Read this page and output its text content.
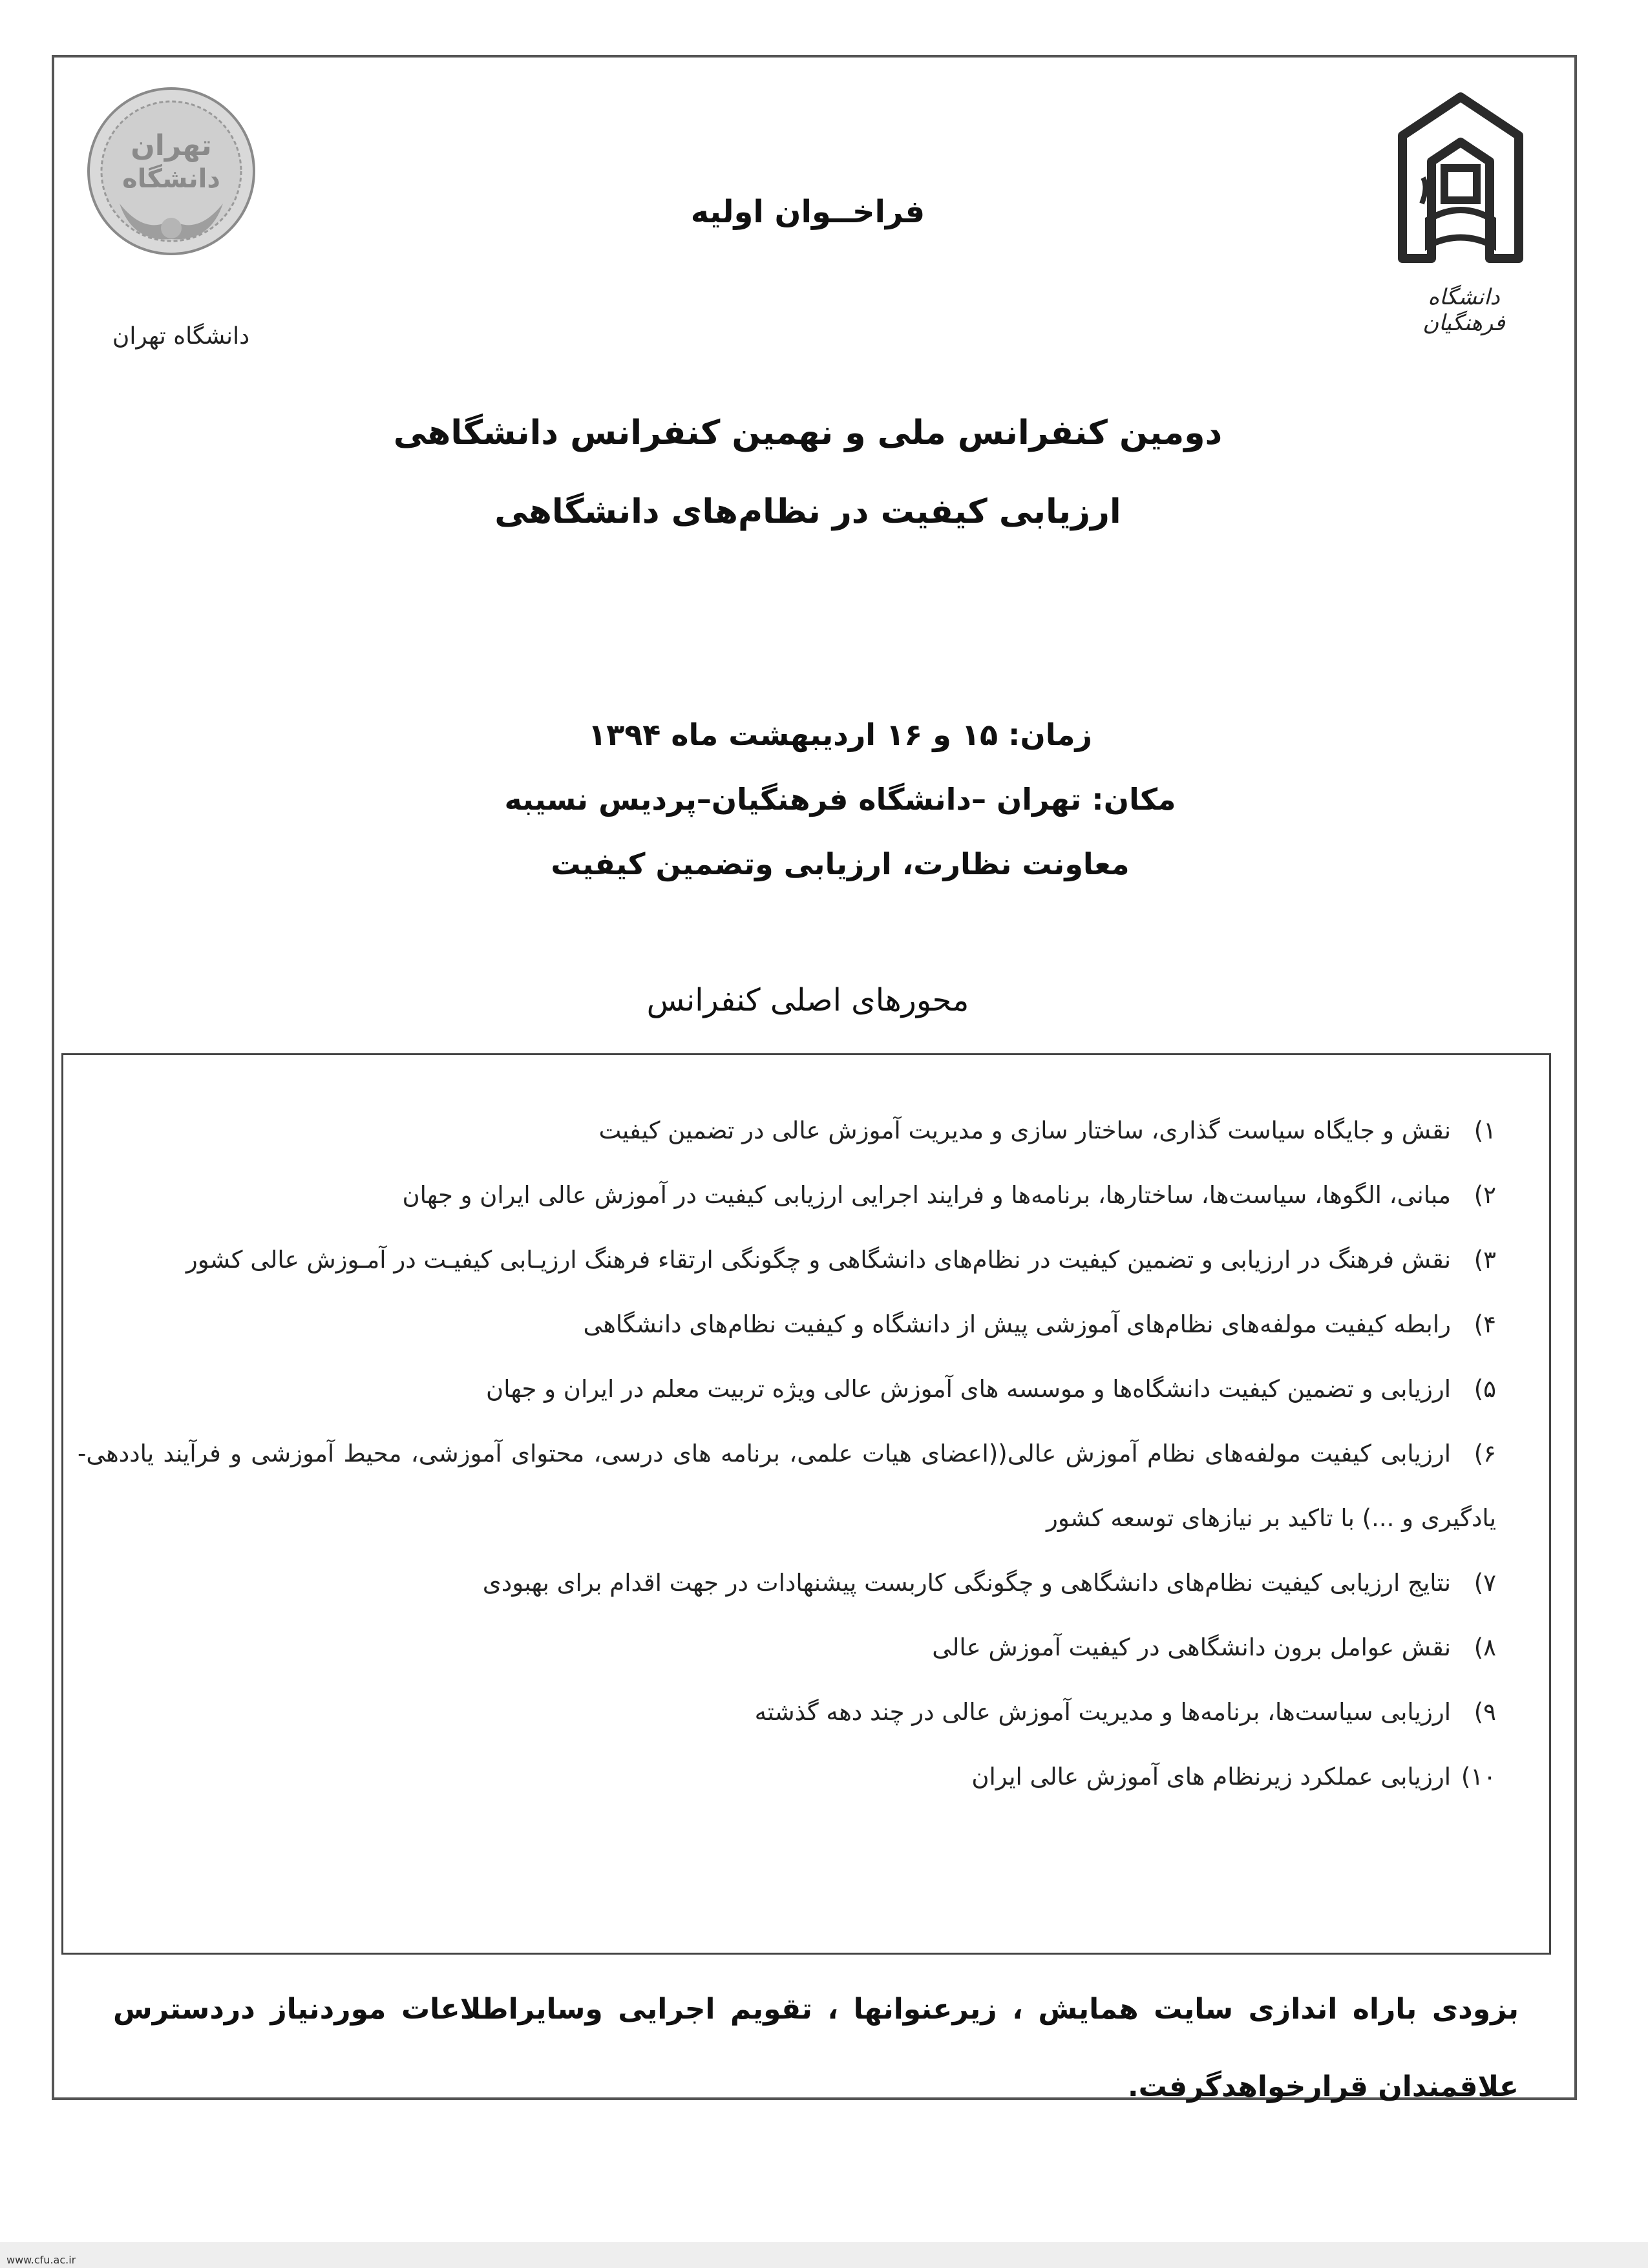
تهران
دانشگاه
دانشگاه تهران
دانشگاه فرهنگیان
فراخــوان اولیه
دومین کنفرانس ملی و نهمین کنفرانس دانشگاهی
ارزیابی کیفیت در نظام‌های دانشگاهی
زمان: ۱۵ و ۱۶ اردیبهشت ماه ۱۳۹۴
مکان: تهران –دانشگاه فرهنگیان–پردیس نسیبه
معاونت نظارت، ارزیابی وتضمین کیفیت
محورهای اصلی کنفرانس
۱)نقش و جایگاه سیاست گذاری، ساختار سازی و مدیریت آموزش عالی در تضمین کیفیت
۲)مبانی، الگوها، سیاست‌ها، ساختارها، برنامه‌ها و فرایند اجرایی ارزیابی کیفیت در آموزش عالی ایران و جهان
۳)نقش فرهنگ در ارزیابی و تضمین کیفیت در نظام‌های دانشگاهی و چگونگی ارتقاء فرهنگ ارزیـابی کیفیـت در آمـوزش عالی کشور
۴)رابطه کیفیت مولفه‌های نظام‌های آموزشی پیش از دانشگاه و کیفیت نظام‌های دانشگاهی
۵)ارزیابی و تضمین کیفیت دانشگاه‌ها و موسسه های آموزش عالی ویژه تربیت معلم در ایران و جهان
۶)ارزیابی کیفیت مولفه‌های نظام آموزش عالی((اعضای هیات علمی، برنامه های درسی، محتوای آموزشی، محیط آموزشی و فرآیند یاددهی- یادگیری و ...) با تاکید بر نیازهای توسعه کشور
۷)نتایج ارزیابی کیفیت نظام‌های دانشگاهی و چگونگی کاربست پیشنهادات در جهت اقدام برای بهبودی
۸)نقش عوامل برون دانشگاهی در کیفیت آموزش عالی
۹)ارزیابی سیاست‌ها، برنامه‌ها و مدیریت آموزش عالی در چند دهه گذشته
۱۰)ارزیابی عملکرد زیرنظام های آموزش عالی ایران
بزودی باراه اندازی سایت همایش ، زیرعنوانها ، تقویم اجرایی وسایراطلاعات موردنیاز دردسترس علاقمندان قرارخواهدگرفت.
www.cfu.ac.ir
